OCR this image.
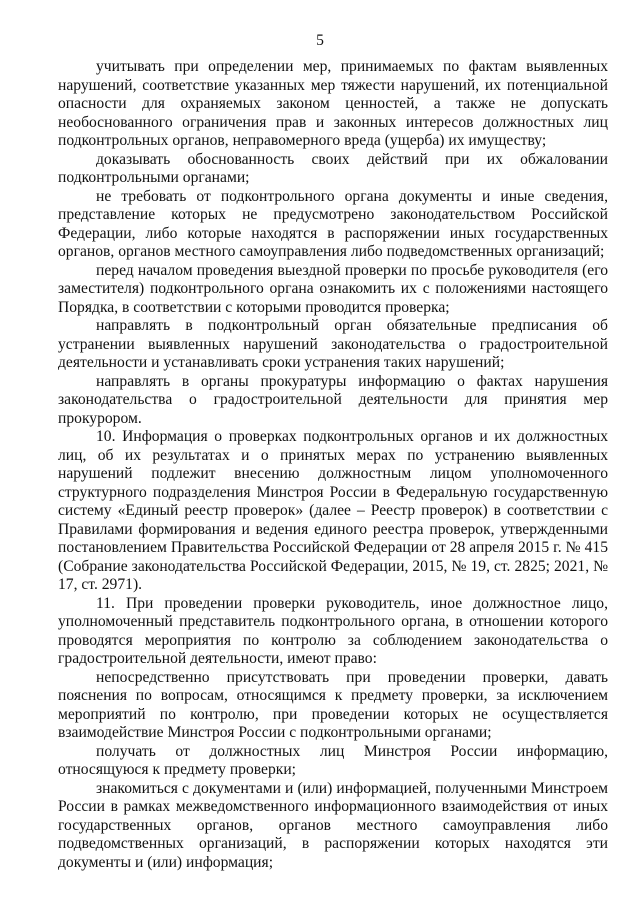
5

учитывать при определении мер, принимаемых по фактам выявленных нарушений, соответствие указанных мер тяжести нарушений, их потенциальной опасности для охраняемых законом ценностей, а также не допускать необоснованного ограничения прав и законных интересов должностных лиц подконтрольных органов, неправомерного вреда (ущерба) их имуществу;

доказывать обоснованность своих действий при их обжаловании подконтрольными органами;

не требовать от подконтрольного органа документы и иные сведения, представление которых не предусмотрено законодательством Российской Федерации, либо которые находятся в распоряжении иных государственных органов, органов местного самоуправления либо подведомственных организаций;

перед началом проведения выездной проверки по просьбе руководителя (его заместителя) подконтрольного органа ознакомить их с положениями настоящего Порядка, в соответствии с которыми проводится проверка;

направлять в подконтрольный орган обязательные предписания об устранении выявленных нарушений законодательства о градостроительной деятельности и устанавливать сроки устранения таких нарушений;

направлять в органы прокуратуры информацию о фактах нарушения законодательства о градостроительной деятельности для принятия мер прокурором.

10. Информация о проверках подконтрольных органов и их должностных лиц, об их результатах и о принятых мерах по устранению выявленных нарушений подлежит внесению должностным лицом уполномоченного структурного подразделения Минстроя России в Федеральную государственную систему «Единый реестр проверок» (далее – Реестр проверок) в соответствии с Правилами формирования и ведения единого реестра проверок, утвержденными постановлением Правительства Российской Федерации от 28 апреля 2015 г. № 415 (Собрание законодательства Российской Федерации, 2015, № 19, ст. 2825; 2021, № 17, ст. 2971).

11. При проведении проверки руководитель, иное должностное лицо, уполномоченный представитель подконтрольного органа, в отношении которого проводятся мероприятия по контролю за соблюдением законодательства о градостроительной деятельности, имеют право:

непосредственно присутствовать при проведении проверки, давать пояснения по вопросам, относящимся к предмету проверки, за исключением мероприятий по контролю, при проведении которых не осуществляется взаимодействие Минстроя России с подконтрольными органами;

получать от должностных лиц Минстроя России информацию, относящуюся к предмету проверки;

знакомиться с документами и (или) информацией, полученными Минстроем России в рамках межведомственного информационного взаимодействия от иных государственных органов, органов местного самоуправления либо подведомственных организаций, в распоряжении которых находятся эти документы и (или) информация;
